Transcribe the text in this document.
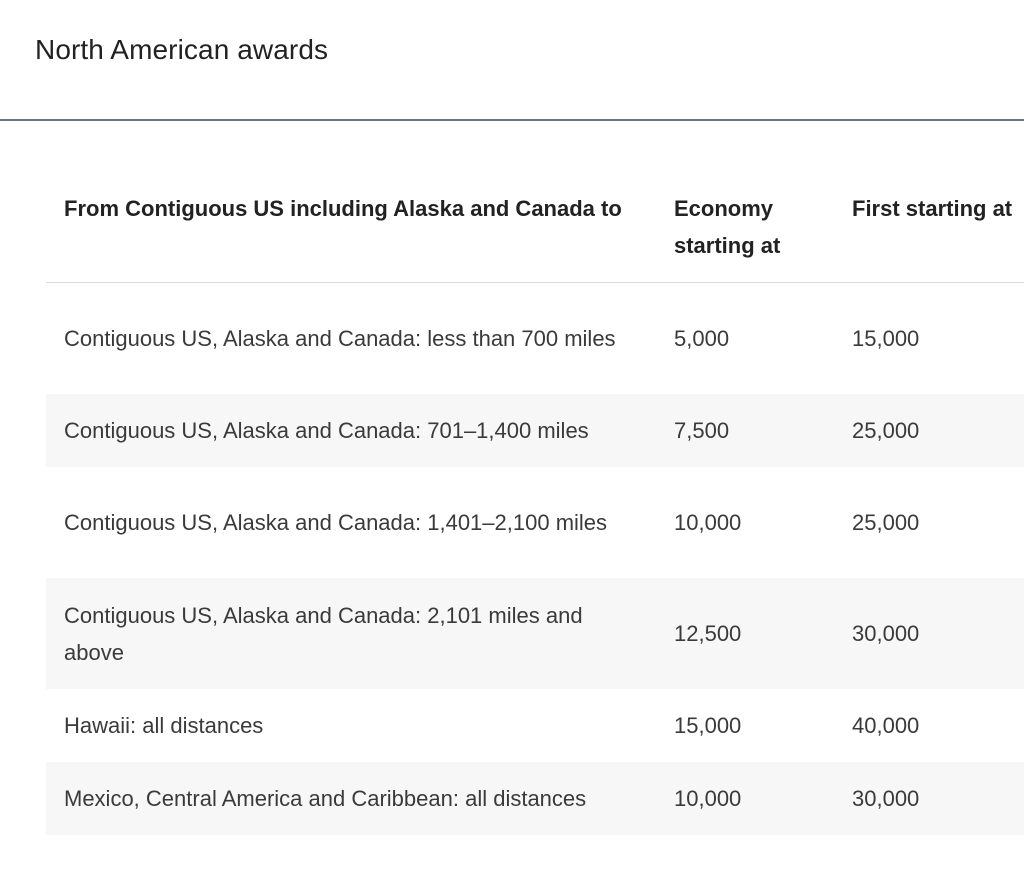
North American awards
From Contiguous US including Alaska and Canada to	Economy starting at	First starting at
Contiguous US, Alaska and Canada: less than 700 miles	5,000	15,000
Contiguous US, Alaska and Canada: 701–1,400 miles	7,500	25,000
Contiguous US, Alaska and Canada: 1,401–2,100 miles	10,000	25,000
Contiguous US, Alaska and Canada: 2,101 miles and above	12,500	30,000
Hawaii: all distances	15,000	40,000
Mexico, Central America and Caribbean: all distances	10,000	30,000
